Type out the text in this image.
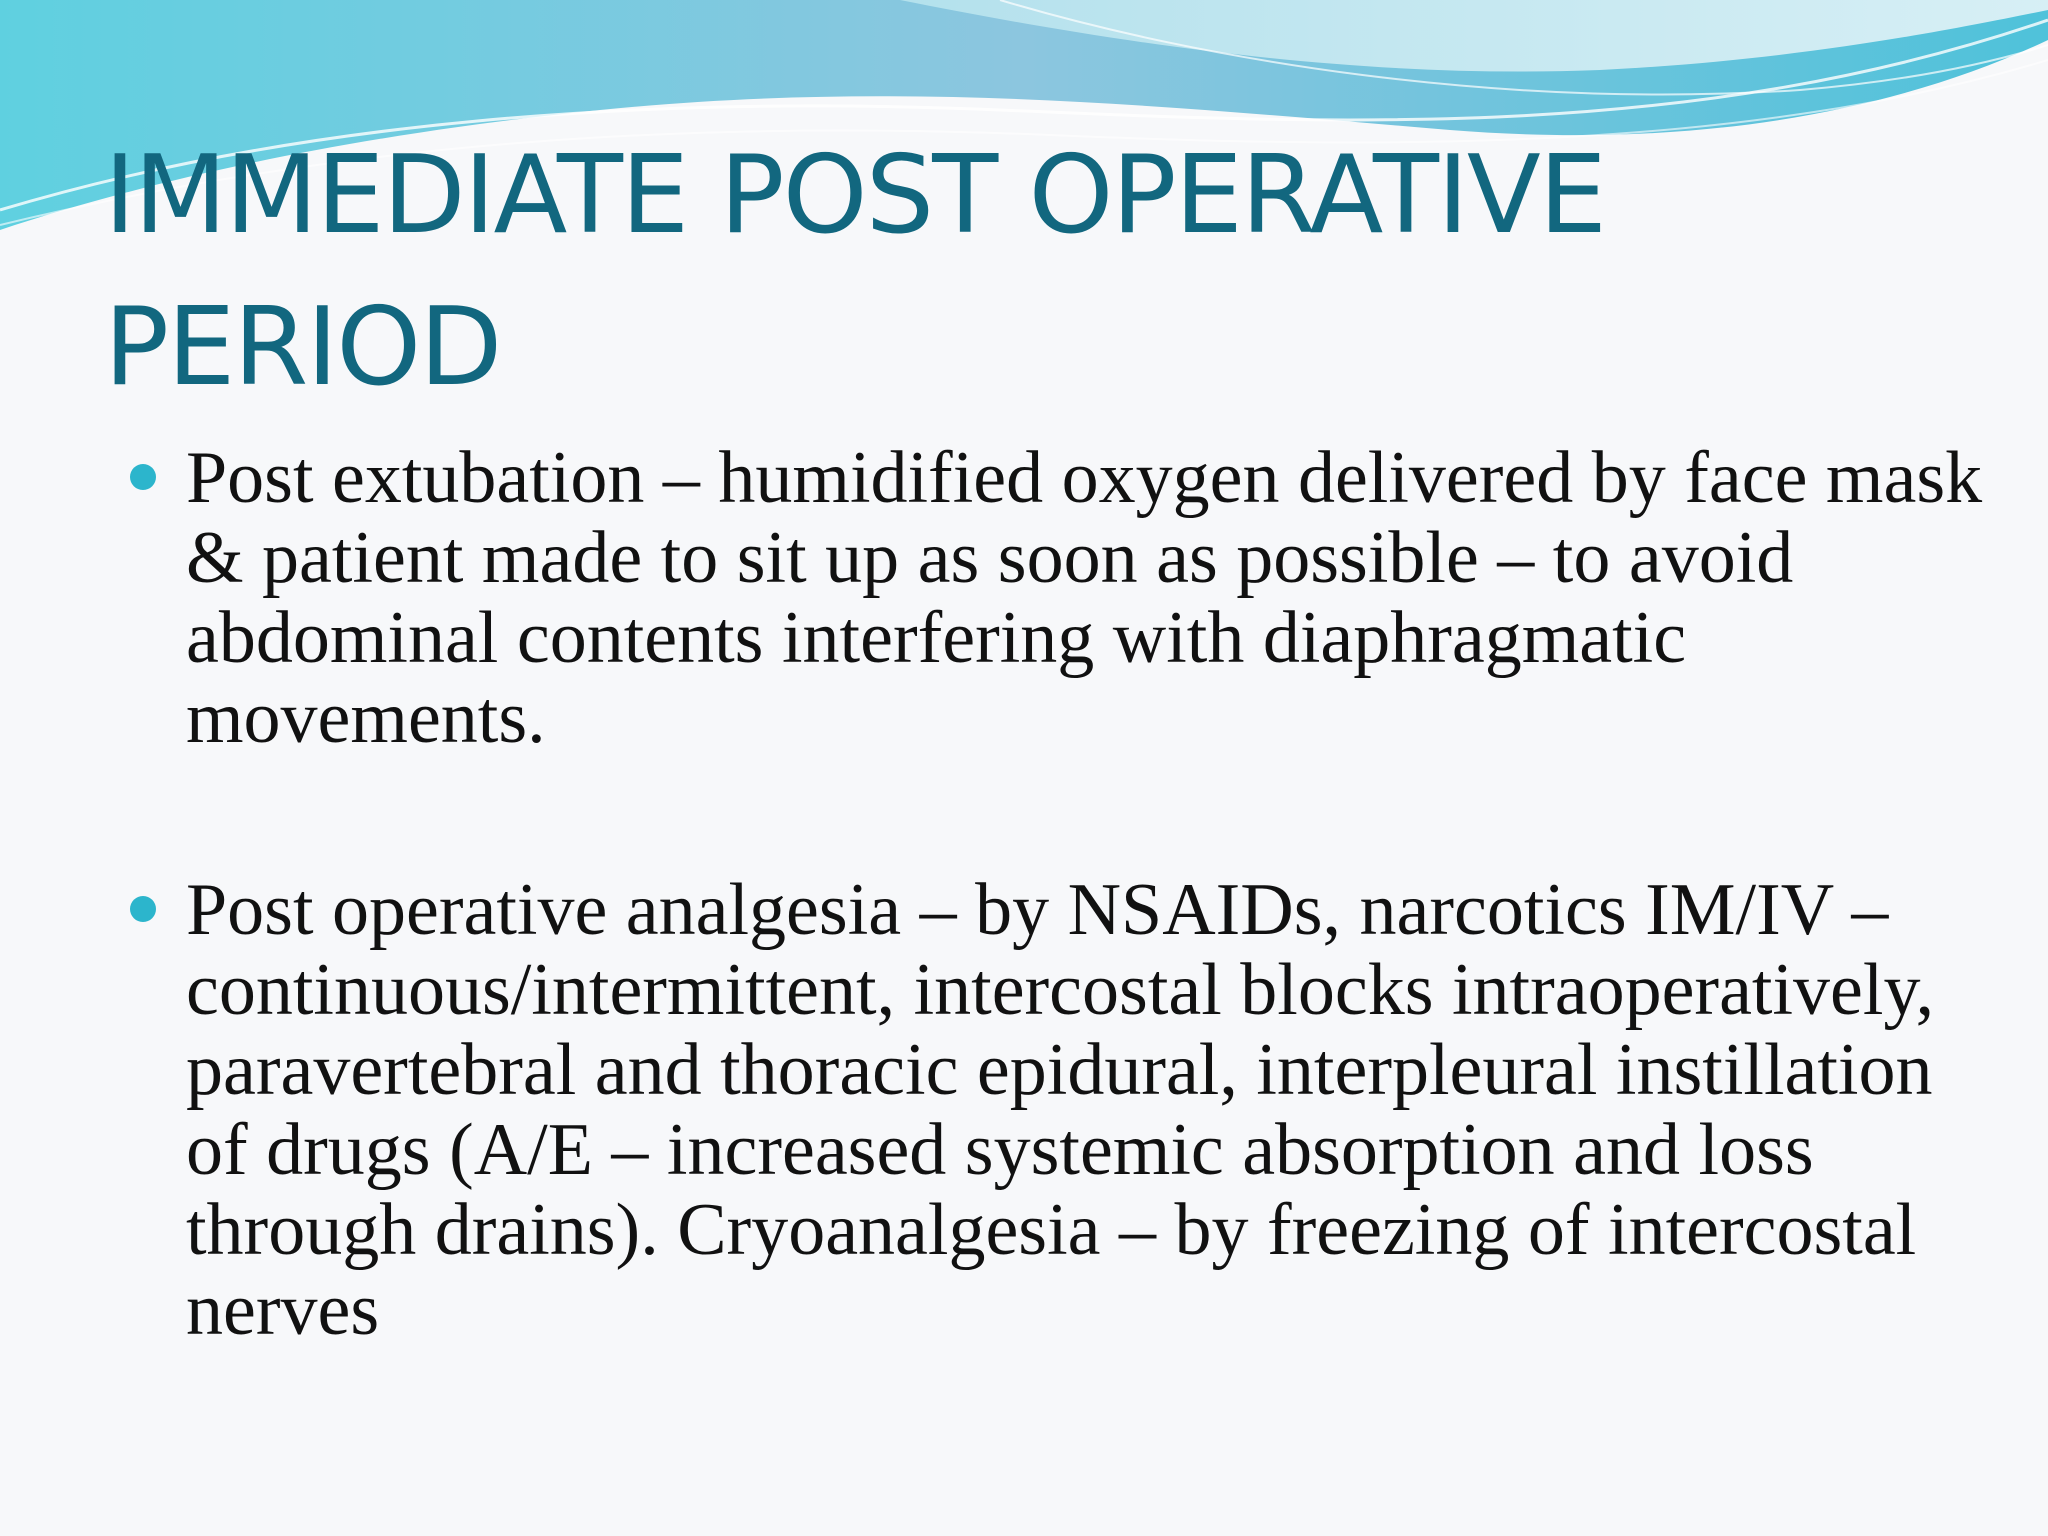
IMMEDIATE POST OPERATIVE PERIOD
Post extubation – humidified oxygen delivered by face mask & patient made to sit up as soon as possible – to avoid abdominal contents interfering with diaphragmatic movements.
Post operative analgesia – by NSAIDs, narcotics IM/IV – continuous/intermittent, intercostal blocks intraoperatively, paravertebral and thoracic epidural, interpleural instillation of drugs (A/E – increased systemic absorption and loss through drains). Cryoanalgesia – by freezing of intercostal nerves
